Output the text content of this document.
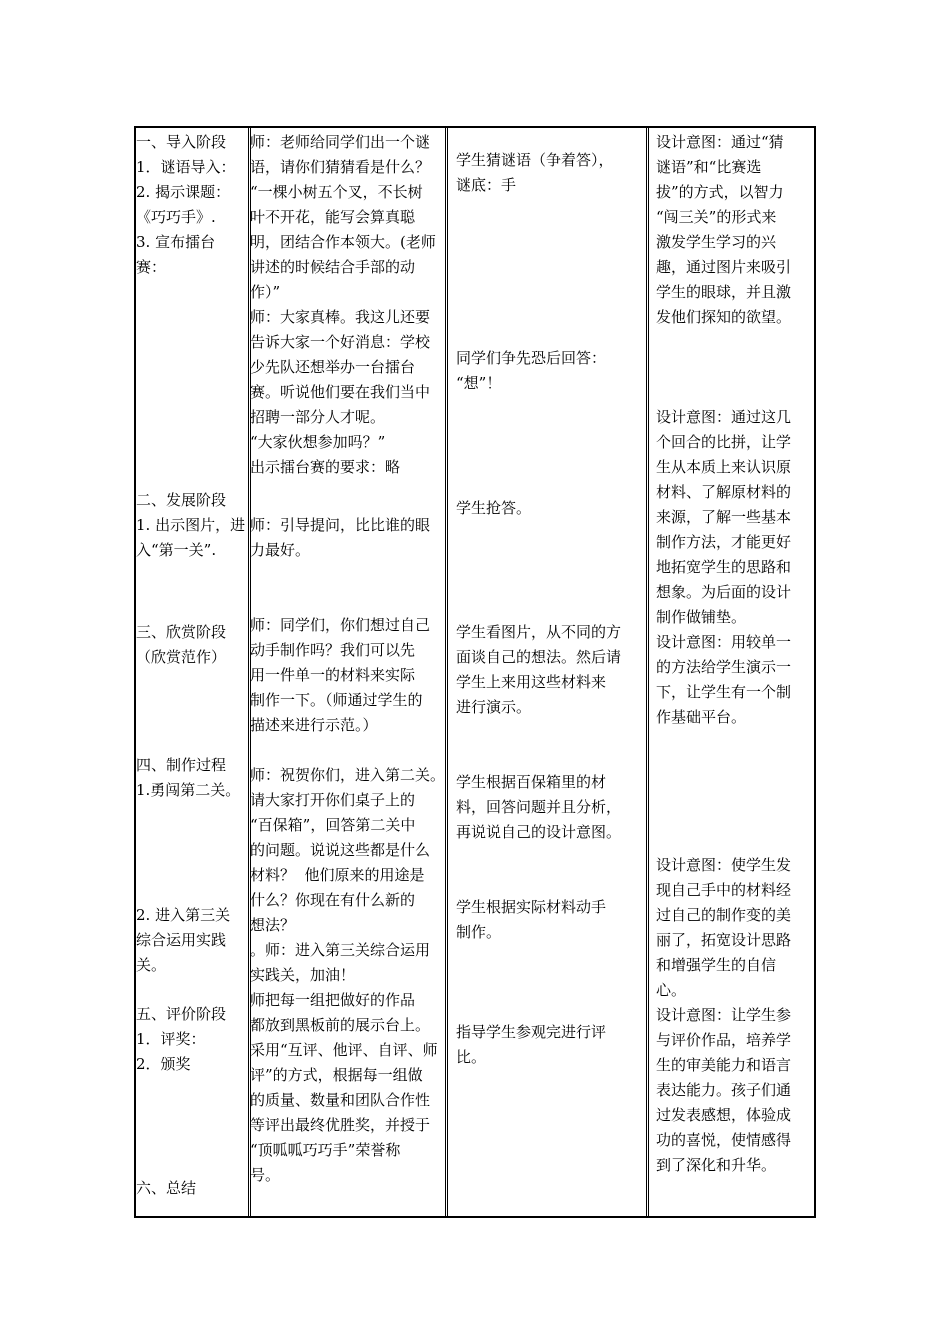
一、导入阶段
1．谜语导入：
2. 揭示课题：
《巧巧手》.
3. 宣布擂台
赛：
二、发展阶段
1. 出示图片，进
入“第一关”.
三、欣赏阶段
（欣赏范作）
四、制作过程
1.勇闯第二关。
2. 进入第三关
综合运用实践
关。
五、评价阶段
1．评奖：
2．颁奖
六、总结
师：老师给同学们出一个谜
语，请你们猜猜看是什么？
“一棵小树五个叉，不长树
叶不开花，能写会算真聪
明，团结合作本领大。(老师
讲述的时候结合手部的动
作）”
师：大家真棒。我这儿还要
告诉大家一个好消息：学校
少先队还想举办一台擂台
赛。听说他们要在我们当中
招聘一部分人才呢。
“大家伙想参加吗？”
出示擂台赛的要求：略
师：引导提问，比比谁的眼
力最好。
师：同学们，你们想过自己
动手制作吗？我们可以先
用一件单一的材料来实际
制作一下。（师通过学生的
描述来进行示范。）
师：祝贺你们，进入第二关。
请大家打开你们桌子上的
“百保箱”，回答第二关中
的问题。说说这些都是什么
材料？  他们原来的用途是
什么？你现在有什么新的
想法？
。师：进入第三关综合运用
实践关，加油！
师把每一组把做好的作品
都放到黑板前的展示台上。
采用“互评、他评、自评、师
评”的方式，根据每一组做
的质量、数量和团队合作性
等评出最终优胜奖，并授于
“顶呱呱巧巧手”荣誉称
号。
学生猜谜语（争着答），
谜底：手
同学们争先恐后回答：
“想”！
学生抢答。
学生看图片，从不同的方
面谈自己的想法。然后请
学生上来用这些材料来
进行演示。
学生根据百保箱里的材
料，回答问题并且分析，
再说说自己的设计意图。
学生根据实际材料动手
制作。
指导学生参观完进行评
比。
设计意图：通过“猜
谜语”和“比赛选
拔”的方式，以智力
“闯三关”的形式来
激发学生学习的兴
趣，通过图片来吸引
学生的眼球，并且激
发他们探知的欲望。
设计意图：通过这几
个回合的比拼，让学
生从本质上来认识原
材料、了解原材料的
来源，了解一些基本
制作方法，才能更好
地拓宽学生的思路和
想象。为后面的设计
制作做铺垫。
设计意图：用较单一
的方法给学生演示一
下，让学生有一个制
作基础平台。
设计意图：使学生发
现自己手中的材料经
过自己的制作变的美
丽了，拓宽设计思路
和增强学生的自信
心。
设计意图：让学生参
与评价作品，培养学
生的审美能力和语言
表达能力。孩子们通
过发表感想，体验成
功的喜悦，使情感得
到了深化和升华。
